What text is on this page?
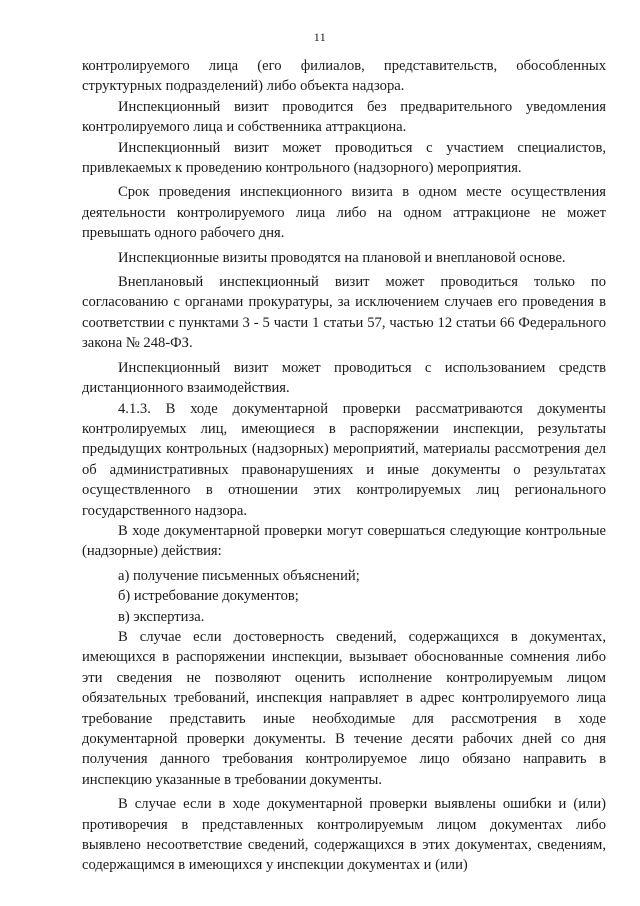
11

контролируемого лица (его филиалов, представительств, обособленных структурных подразделений) либо объекта надзора.

Инспекционный визит проводится без предварительного уведомления контролируемого лица и собственника аттракциона.

Инспекционный визит может проводиться с участием специалистов, привлекаемых к проведению контрольного (надзорного) мероприятия.

Срок проведения инспекционного визита в одном месте осуществления деятельности контролируемого лица либо на одном аттракционе не может превышать одного рабочего дня.

Инспекционные визиты проводятся на плановой и внеплановой основе.

Внеплановый инспекционный визит может проводиться только по согласованию с органами прокуратуры, за исключением случаев его проведения в соответствии с пунктами 3 - 5 части 1 статьи 57, частью 12 статьи 66 Федерального закона № 248-ФЗ.

Инспекционный визит может проводиться с использованием средств дистанционного взаимодействия.

4.1.3. В ходе документарной проверки рассматриваются документы контролируемых лиц, имеющиеся в распоряжении инспекции, результаты предыдущих контрольных (надзорных) мероприятий, материалы рассмотрения дел об административных правонарушениях и иные документы о результатах осуществленного в отношении этих контролируемых лиц регионального государственного надзора.

В ходе документарной проверки могут совершаться следующие контрольные (надзорные) действия:

а) получение письменных объяснений;

б) истребование документов;

в) экспертиза.

В случае если достоверность сведений, содержащихся в документах, имеющихся в распоряжении инспекции, вызывает обоснованные сомнения либо эти сведения не позволяют оценить исполнение контролируемым лицом обязательных требований, инспекция направляет в адрес контролируемого лица требование представить иные необходимые для рассмотрения в ходе документарной проверки документы. В течение десяти рабочих дней со дня получения данного требования контролируемое лицо обязано направить в инспекцию указанные в требовании документы.

В случае если в ходе документарной проверки выявлены ошибки и (или) противоречия в представленных контролируемым лицом документах либо выявлено несоответствие сведений, содержащихся в этих документах, сведениям, содержащимся в имеющихся у инспекции документах и (или)
